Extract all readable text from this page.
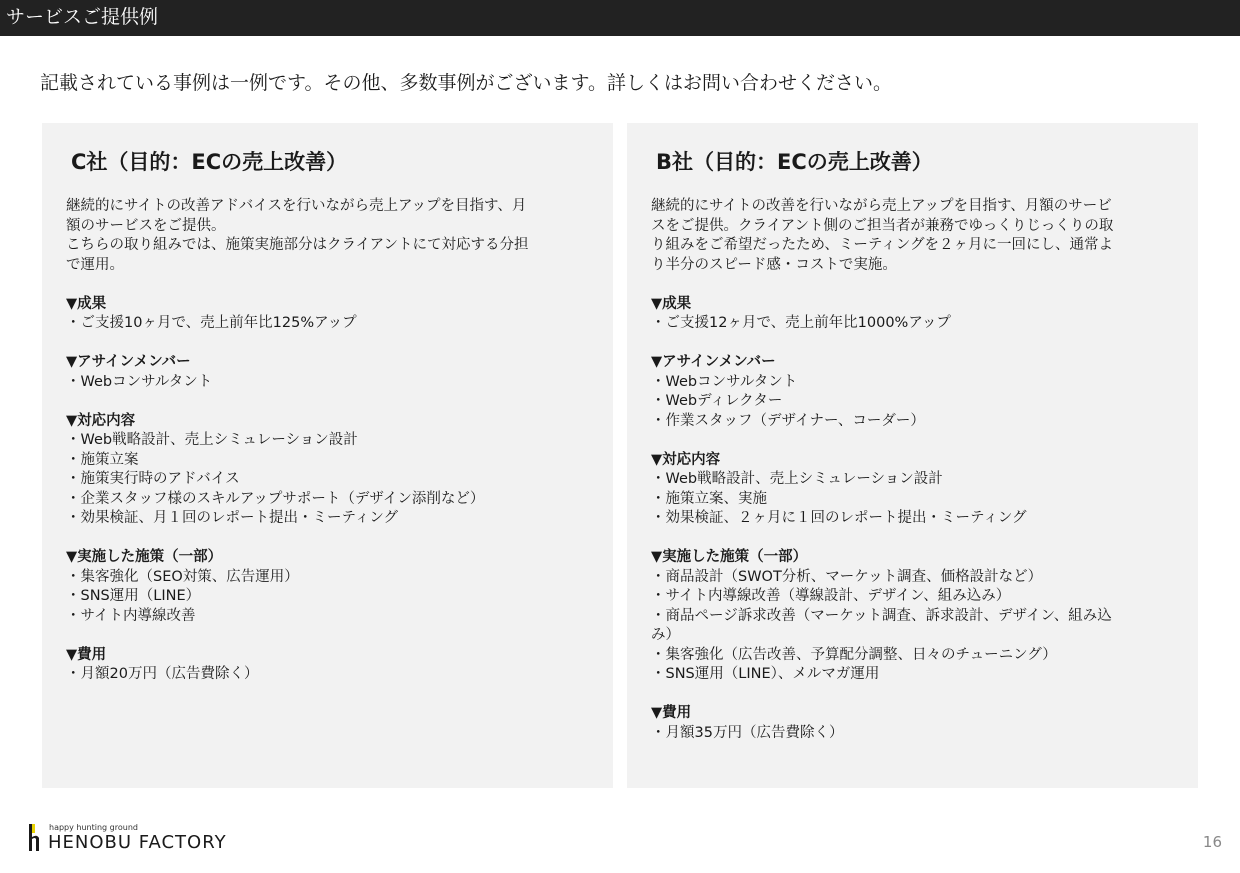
サービスご提供例
記載されている事例は一例です。その他、多数事例がございます。詳しくはお問い合わせください。
C社（目的：ECの売上改善）
継続的にサイトの改善アドバイスを行いながら売上アップを目指す、月
額のサービスをご提供。
こちらの取り組みでは、施策実施部分はクライアントにて対応する分担
で運用。
▼成果
・ご支援10ヶ月で、売上前年比125%アップ
▼アサインメンバー
・Webコンサルタント
▼対応内容
・Web戦略設計、売上シミュレーション設計
・施策立案
・施策実行時のアドバイス
・企業スタッフ様のスキルアップサポート（デザイン添削など）
・効果検証、月１回のレポート提出・ミーティング
▼実施した施策（一部）
・集客強化（SEO対策、広告運用）
・SNS運用（LINE）
・サイト内導線改善
▼費用
・月額20万円（広告費除く）
B社（目的：ECの売上改善）
継続的にサイトの改善を行いながら売上アップを目指す、月額のサービ
スをご提供。クライアント側のご担当者が兼務でゆっくりじっくりの取
り組みをご希望だったため、ミーティングを２ヶ月に一回にし、通常よ
り半分のスピード感・コストで実施。
▼成果
・ご支援12ヶ月で、売上前年比1000%アップ
▼アサインメンバー
・Webコンサルタント
・Webディレクター
・作業スタッフ（デザイナー、コーダー）
▼対応内容
・Web戦略設計、売上シミュレーション設計
・施策立案、実施
・効果検証、２ヶ月に１回のレポート提出・ミーティング
▼実施した施策（一部）
・商品設計（SWOT分析、マーケット調査、価格設計など）
・サイト内導線改善（導線設計、デザイン、組み込み）
・商品ページ訴求改善（マーケット調査、訴求設計、デザイン、組み込
み）
・集客強化（広告改善、予算配分調整、日々のチューニング）
・SNS運用（LINE）、メルマガ運用
▼費用
・月額35万円（広告費除く）
happy hunting ground
HENOBU FACTORY	16
